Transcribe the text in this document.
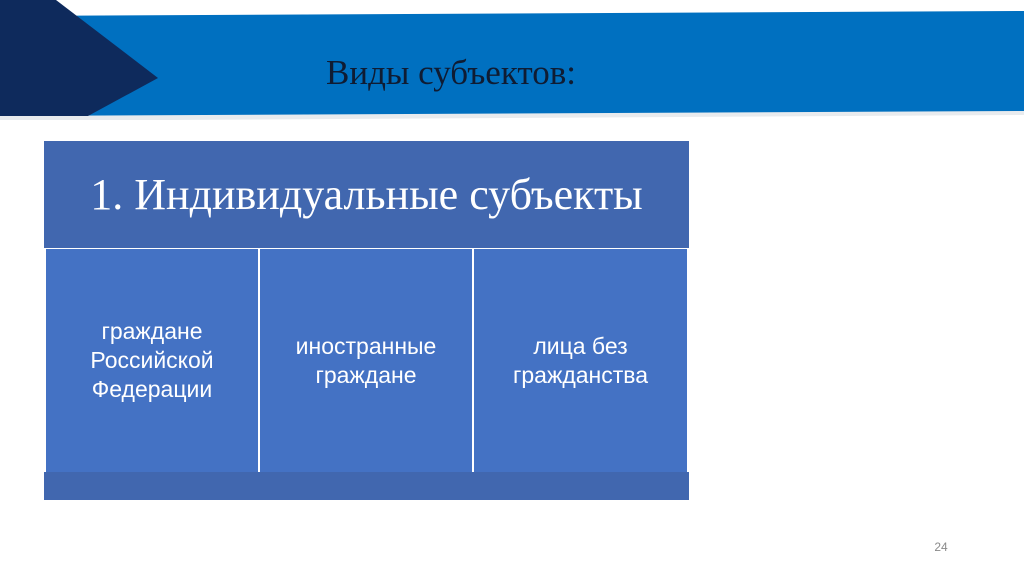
Виды субъектов:
1. Индивидуальные субъекты
граждане
Российской
Федерации
иностранные
граждане
лица без
гражданства
24
